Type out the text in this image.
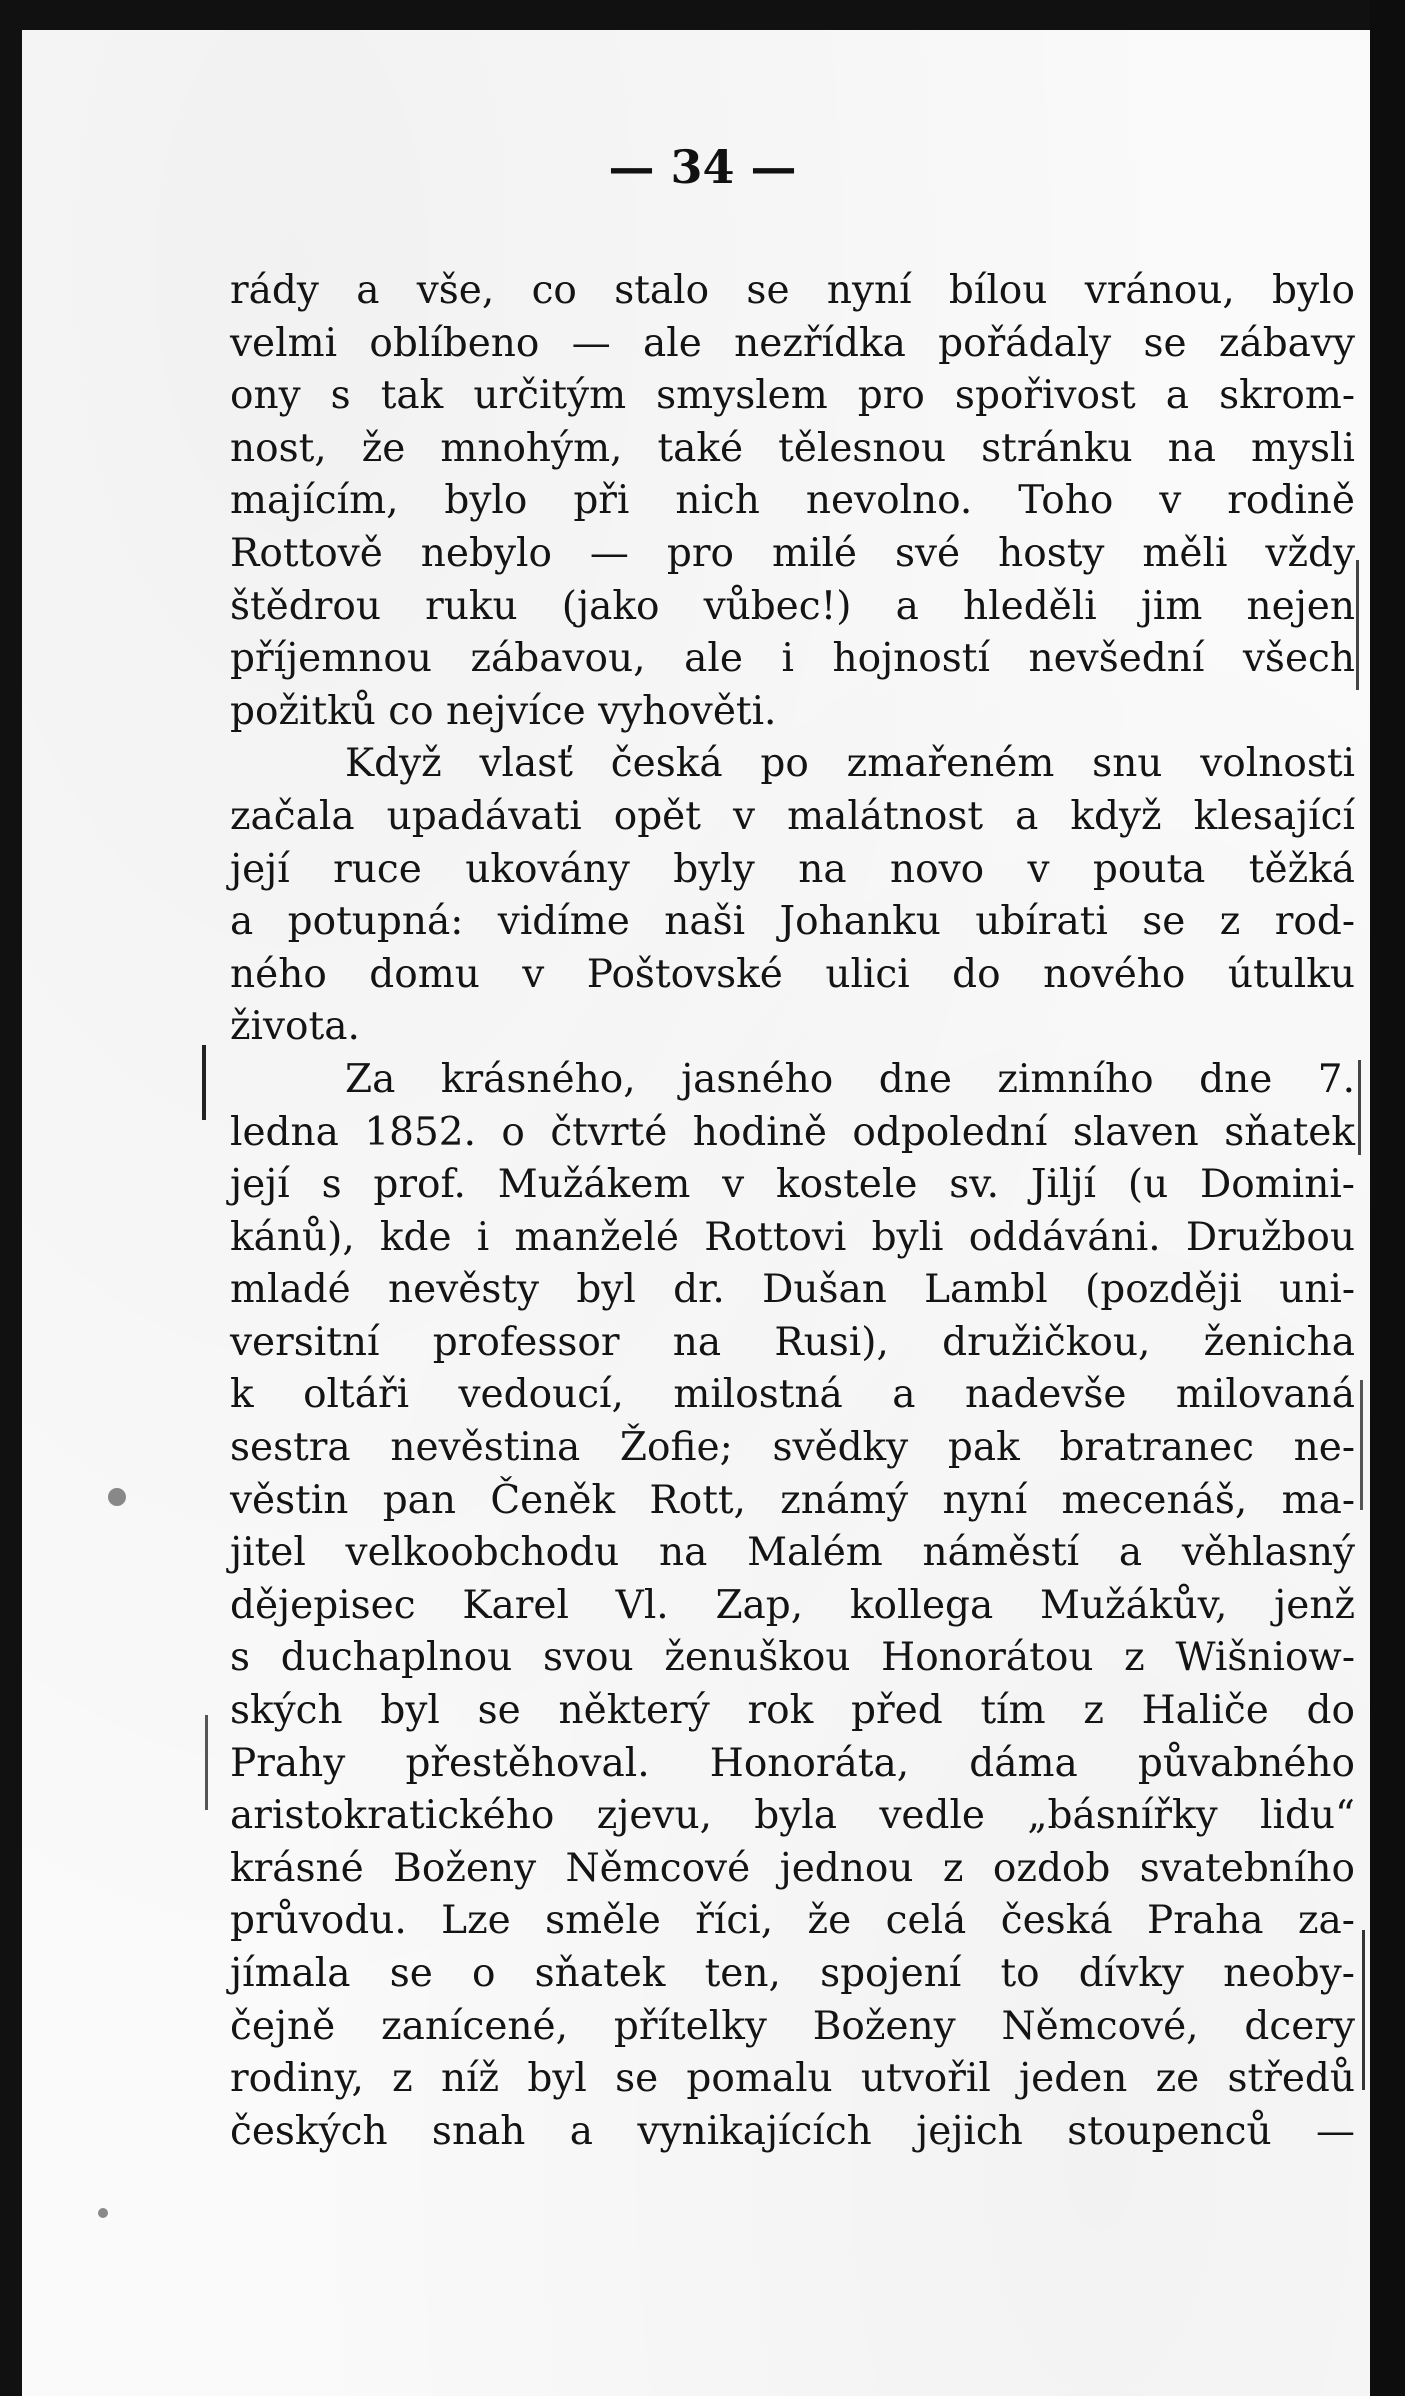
— 34 —
rády a vše, co stalo se nyní bílou vránou, bylo
velmi oblíbeno — ale nezřídka pořádaly se zábavy
ony s tak určitým smyslem pro spořivost a skrom-
nost, že mnohým, také tělesnou stránku na mysli
majícím, bylo při nich nevolno. Toho v rodině
Rottově nebylo — pro milé své hosty měli vždy
štědrou ruku (jako vůbec!) a hleděli jim nejen
příjemnou zábavou, ale i hojností nevšední všech
požitků co nejvíce vyhověti.
Když vlasť česká po zmařeném snu volnosti
začala upadávati opět v malátnost a když klesající
její ruce ukovány byly na novo v pouta těžká
a potupná: vidíme naši Johanku ubírati se z rod-
ného domu v Poštovské ulici do nového útulku
života.
Za krásného, jasného dne zimního dne 7.
ledna 1852. o čtvrté hodině odpolední slaven sňatek
její s prof. Mužákem v kostele sv. Jiljí (u Domini-
kánů), kde i manželé Rottovi byli oddáváni. Družbou
mladé nevěsty byl dr. Dušan Lambl (později uni-
versitní professor na Rusi), družičkou, ženicha
k oltáři vedoucí, milostná a nadevše milovaná
sestra nevěstina Žofie; svědky pak bratranec ne-
věstin pan Čeněk Rott, známý nyní mecenáš, ma-
jitel velkoobchodu na Malém náměstí a věhlasný
dějepisec Karel Vl. Zap, kollega Mužákův, jenž
s duchaplnou svou ženuškou Honorátou z Wišniow-
ských byl se některý rok před tím z Haliče do
Prahy přestěhoval. Honoráta, dáma půvabného
aristokratického zjevu, byla vedle „básnířky lidu“
krásné Boženy Němcové jednou z ozdob svatebního
průvodu. Lze směle říci, že celá česká Praha za-
jímala se o sňatek ten, spojení to dívky neoby-
čejně zanícené, přítelky Boženy Němcové, dcery
rodiny, z níž byl se pomalu utvořil jeden ze středů
českých snah a vynikajících jejich stoupenců —
